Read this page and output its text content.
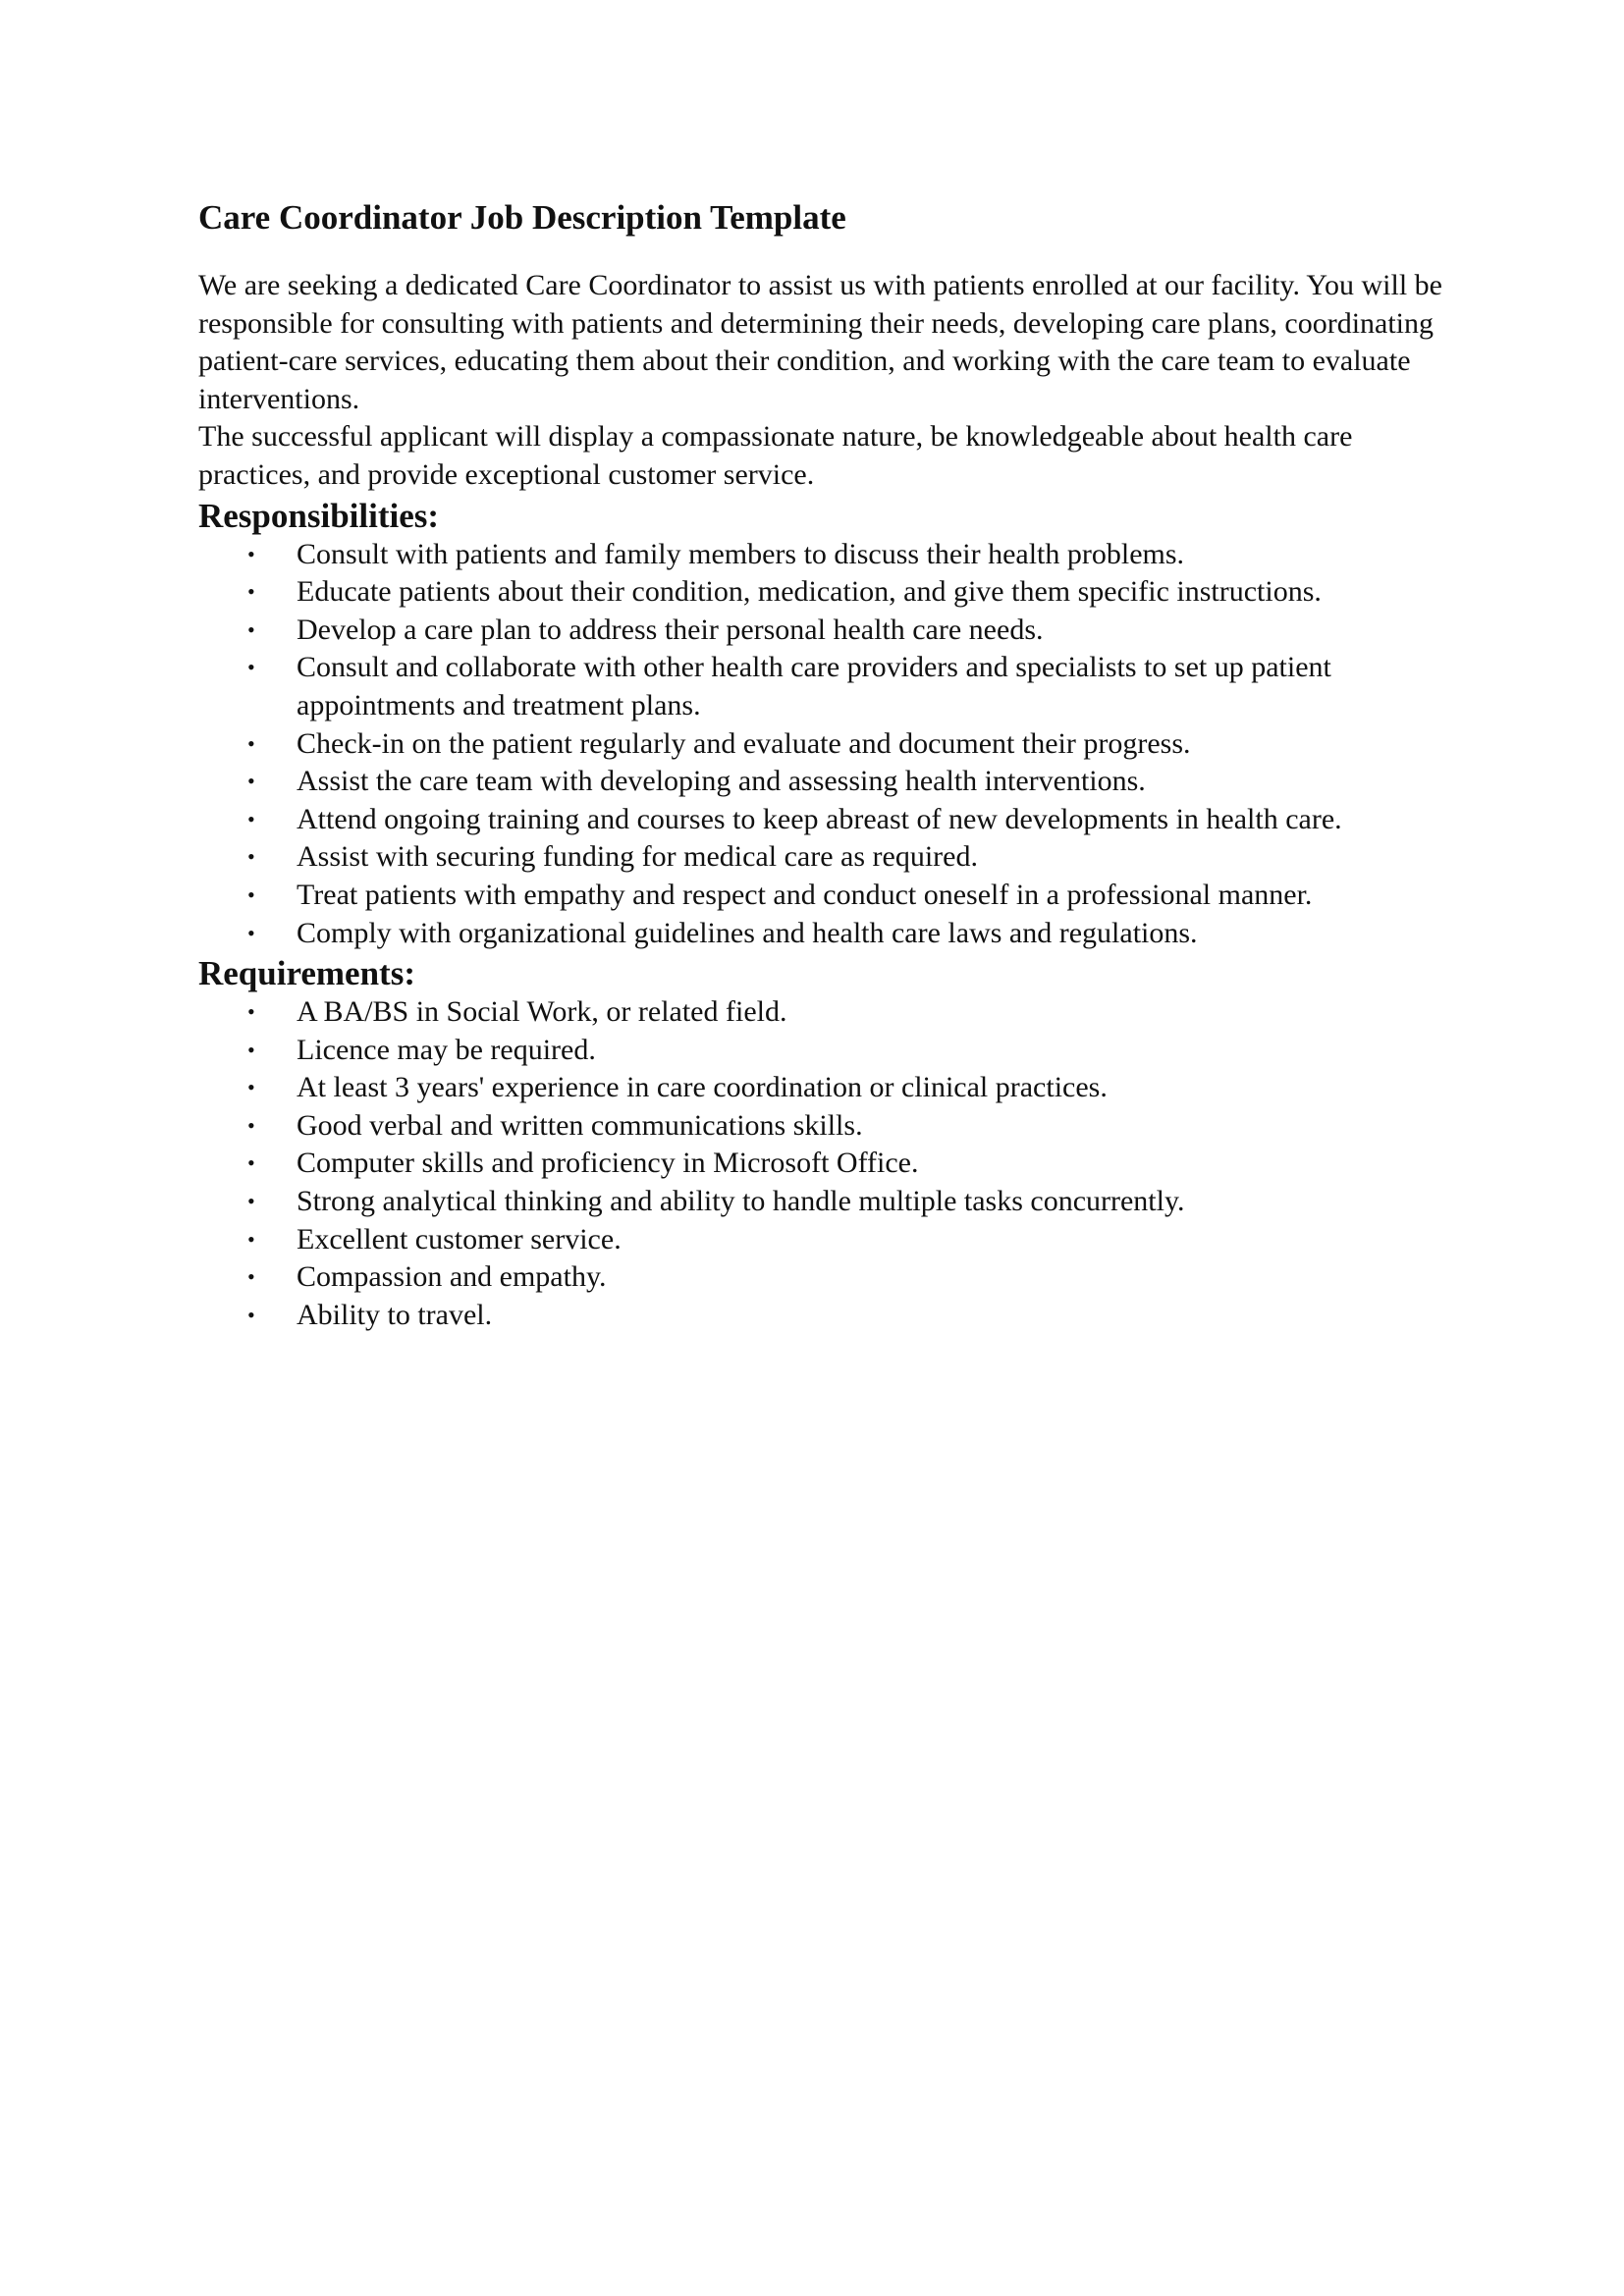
Care Coordinator Job Description Template

We are seeking a dedicated Care Coordinator to assist us with patients enrolled at our facility. You will be responsible for consulting with patients and determining their needs, developing care plans, coordinating patient-care services, educating them about their condition, and working with the care team to evaluate interventions.

The successful applicant will display a compassionate nature, be knowledgeable about health care practices, and provide exceptional customer service.

Responsibilities:
• Consult with patients and family members to discuss their health problems.
• Educate patients about their condition, medication, and give them specific instructions.
• Develop a care plan to address their personal health care needs.
• Consult and collaborate with other health care providers and specialists to set up patient appointments and treatment plans.
• Check-in on the patient regularly and evaluate and document their progress.
• Assist the care team with developing and assessing health interventions.
• Attend ongoing training and courses to keep abreast of new developments in health care.
• Assist with securing funding for medical care as required.
• Treat patients with empathy and respect and conduct oneself in a professional manner.
• Comply with organizational guidelines and health care laws and regulations.
Requirements:
• A BA/BS in Social Work, or related field.
• Licence may be required.
• At least 3 years' experience in care coordination or clinical practices.
• Good verbal and written communications skills.
• Computer skills and proficiency in Microsoft Office.
• Strong analytical thinking and ability to handle multiple tasks concurrently.
• Excellent customer service.
• Compassion and empathy.
• Ability to travel.
